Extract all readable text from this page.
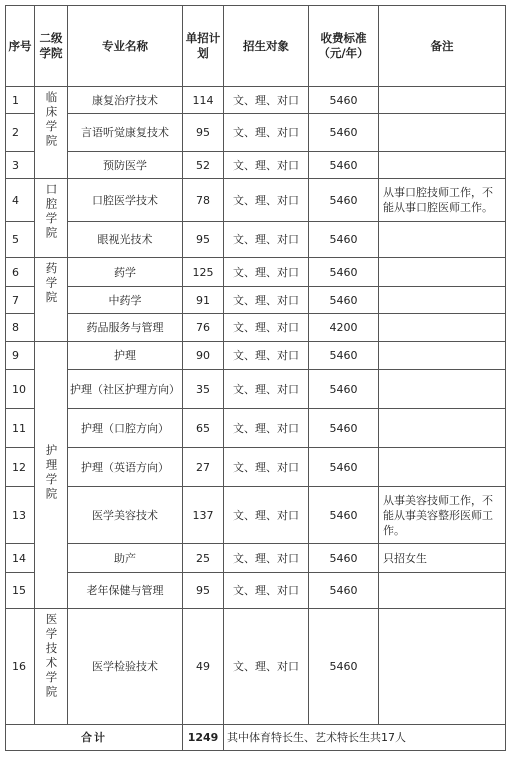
序号	二级学院	专业名称	单招计划	招生对象	收费标准（元/年）	备注
1	临床学院	康复治疗技术	114	文、理、对口	5460	
2		言语听觉康复技术	95	文、理、对口	5460	
3		预防医学	52	文、理、对口	5460	
4	口腔学院	口腔医学技术	78	文、理、对口	5460	从事口腔技师工作，不能从事口腔医师工作。
5		眼视光技术	95	文、理、对口	5460	
6	药学院	药学	125	文、理、对口	5460	
7		中药学	91	文、理、对口	5460	
8		药品服务与管理	76	文、理、对口	4200	
9	护理学院	护理	90	文、理、对口	5460	
10		护理（社区护理方向）	35	文、理、对口	5460	
11		护理（口腔方向）	65	文、理、对口	5460	
12		护理（英语方向）	27	文、理、对口	5460	
13		医学美容技术	137	文、理、对口	5460	从事美容技师工作，不能从事美容整形医师工作。
14		助产	25	文、理、对口	5460	只招女生
15		老年保健与管理	95	文、理、对口	5460	
16	医学技术学院	医学检验技术	49	文、理、对口	5460	
合计			1249	其中体育特长生、艺术特长生共17人		
